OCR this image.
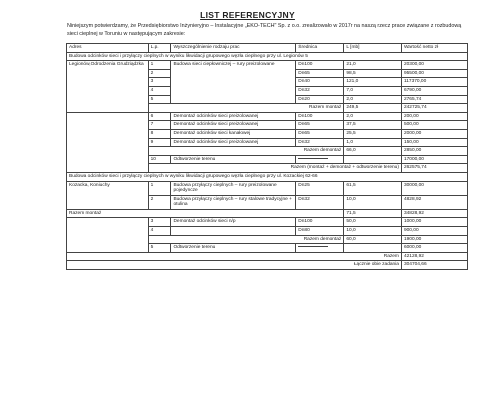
LIST REFERENCYJNY
Niniejszym potwierdzamy, że Przedsiębiorstwo Inżynieryjno – Instalacyjne „EKO-TECH" Sp. z o.o. zrealizowało w 2017r na naszą rzecz prace związane z rozbudową sieci cieplnej w Toruniu w następującym zakresie:
Adres	L.p.	Wyszczególnienie rodzaju prac	Średnica	L [mb]	Wartość netto zł
Budowa odcinków sieci i przyłączy cieplnych w wyniku likwidacji grupowego węzła cieplnego przy ul. Legionów 5					
Legionów,Odrodzenia Grudziądzka	1	Budowa sieci ciepłowniczej – rury preizolowane	Dn100	21,0	20300,00
	2		Dn65	98,5	95500,00
	3		Dn40	121,0	117370,00
	4		Dn32	7,0	6790,00
	5		Dn20	2,0	2765,74
	Razem montaż			249,5	242725,74
	6	Demontaż odcinków sieci preizolowanej	Dn100	2,0	200,00
	7	Demontaż odcinków sieci preizolowanej	Dn65	37,5	500,00
	8	Demontaż odcinków sieci kanałowej	Dn65	25,5	2000,00
	9	Demontaż odcinków sieci preizolowanej	Dn32	1,0	150,00
	Razem demontaż			66,0	2850,00
	10	Odtworzenie terenu			17000,00
	Razem (montaż + demontaż + odtworzenie terenu)				262575,74
Budowa odcinków sieci i przyłączy cieplnych w wyniku likwidacji grupowego węzła cieplnego przy ul. Kozackiej 62-66					
Kozacka, Koniuchy	1	Budowa przyłączy cieplnych – rury preizolowane pojedyncze	Dn25	61,5	30000,00
	2	Budowa przyłączy cieplnych – rury stalowe tradycyjne + otulina	Dn32	10,0	4828,92
Razem montaż				71,5	34828,92
	3	Demontaż odcinków sieci n/p	Dn100	50,0	1000,00
	4		Dn80	10,0	900,00
	Razem demontaż			60,0	1900,00
	5	Odtworzenie terenu			6000,00
Razem					42128,92
Łącznie obie zadania					304704,66
